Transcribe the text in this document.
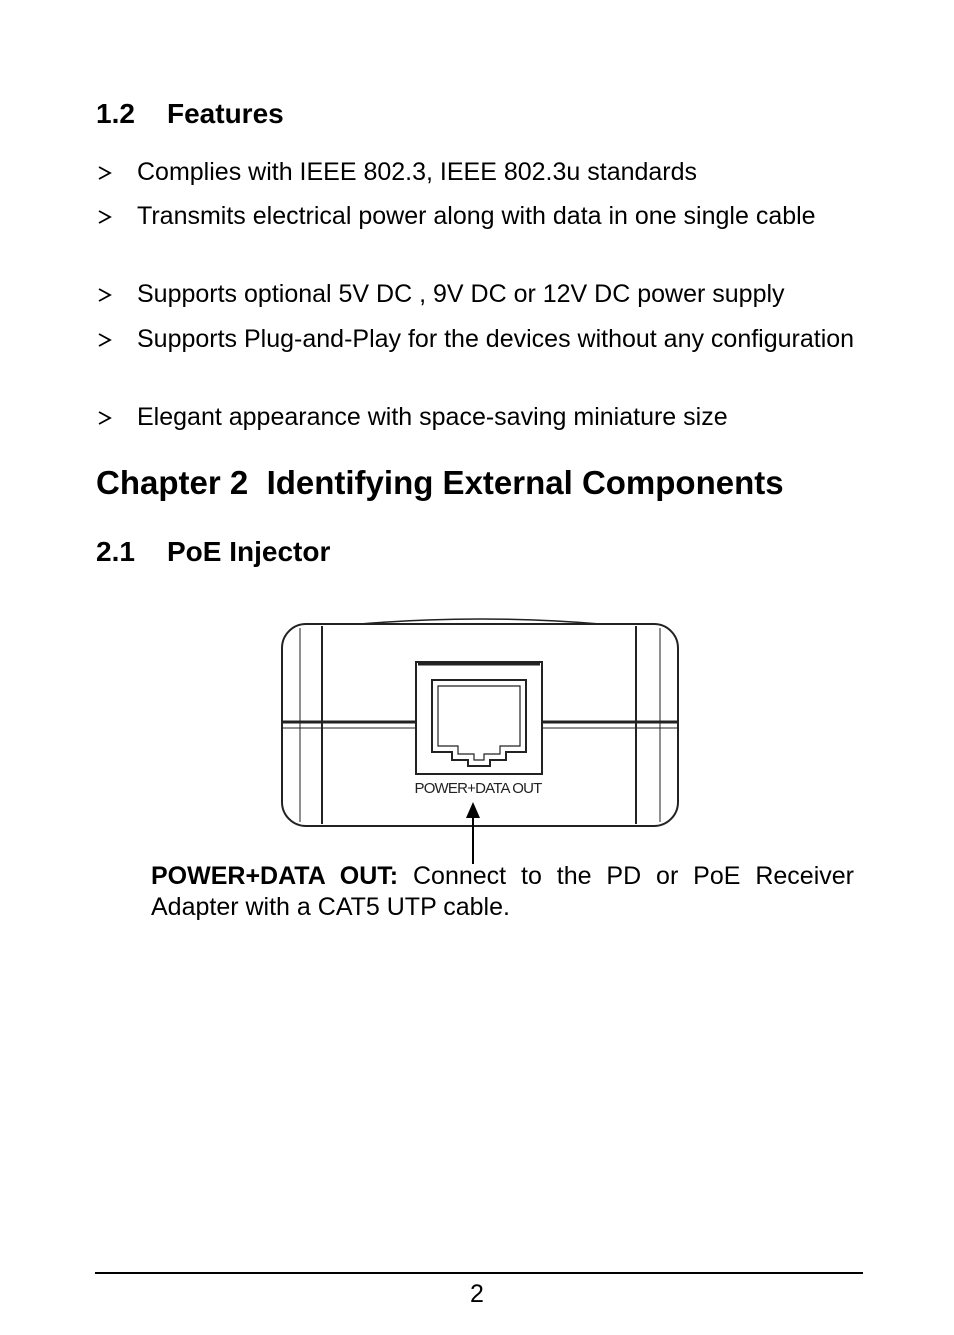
1.2 Features
Complies with IEEE 802.3, IEEE 802.3u standards
Transmits electrical power along with data in one single cable
Supports optional 5V DC , 9V DC or 12V DC power supply
Supports Plug-and-Play for the devices without any configuration
Elegant appearance with space-saving miniature size
Chapter 2 Identifying External Components
2.1 PoE Injector
POWER+DATA OUT
POWER+DATA OUT: Connect to the PD or PoE Receiver Adapter with a CAT5 UTP cable.
2
